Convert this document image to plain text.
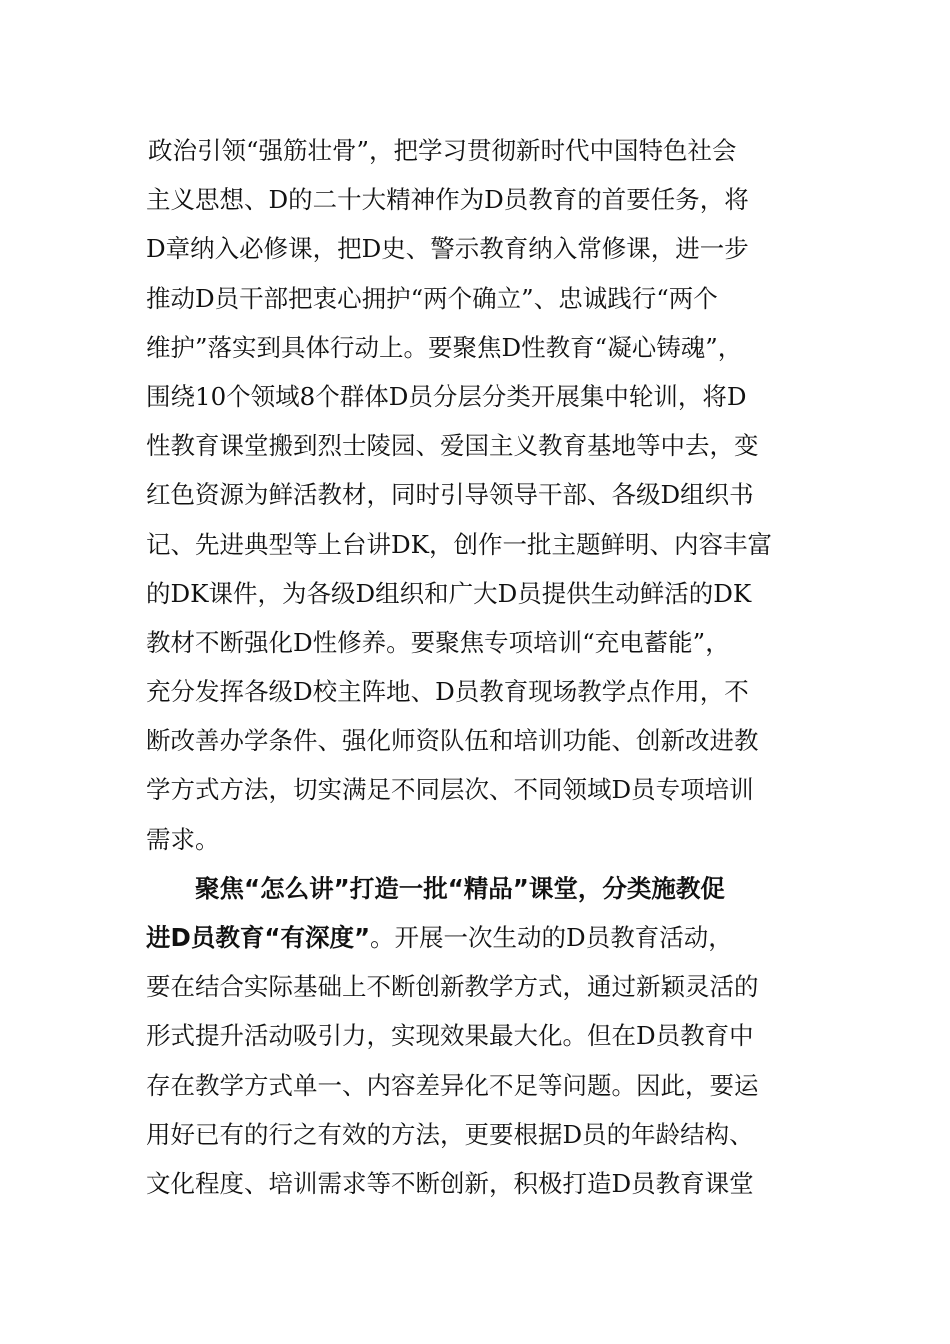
政治引领“强筋壮骨”，把学习贯彻新时代中国特色社会
主义思想、D的二十大精神作为D员教育的首要任务，将
D章纳入必修课，把D史、警示教育纳入常修课，进一步
推动D员干部把衷心拥护“两个确立”、忠诚践行“两个
维护”落实到具体行动上。要聚焦D性教育“凝心铸魂”，
围绕10个领域8个群体D员分层分类开展集中轮训，将D
性教育课堂搬到烈士陵园、爱国主义教育基地等中去，变
红色资源为鲜活教材，同时引导领导干部、各级D组织书
记、先进典型等上台讲DK，创作一批主题鲜明、内容丰富
的DK课件，为各级D组织和广大D员提供生动鲜活的DK
教材不断强化D性修养。要聚焦专项培训“充电蓄能”，
充分发挥各级D校主阵地、D员教育现场教学点作用，不
断改善办学条件、强化师资队伍和培训功能、创新改进教
学方式方法，切实满足不同层次、不同领域D员专项培训
需求。
聚焦“怎么讲”打造一批“精品”课堂，分类施教促
进D员教育“有深度”。开展一次生动的D员教育活动，
要在结合实际基础上不断创新教学方式，通过新颖灵活的
形式提升活动吸引力，实现效果最大化。但在D员教育中
存在教学方式单一、内容差异化不足等问题。因此，要运
用好已有的行之有效的方法，更要根据D员的年龄结构、
文化程度、培训需求等不断创新，积极打造D员教育课堂
